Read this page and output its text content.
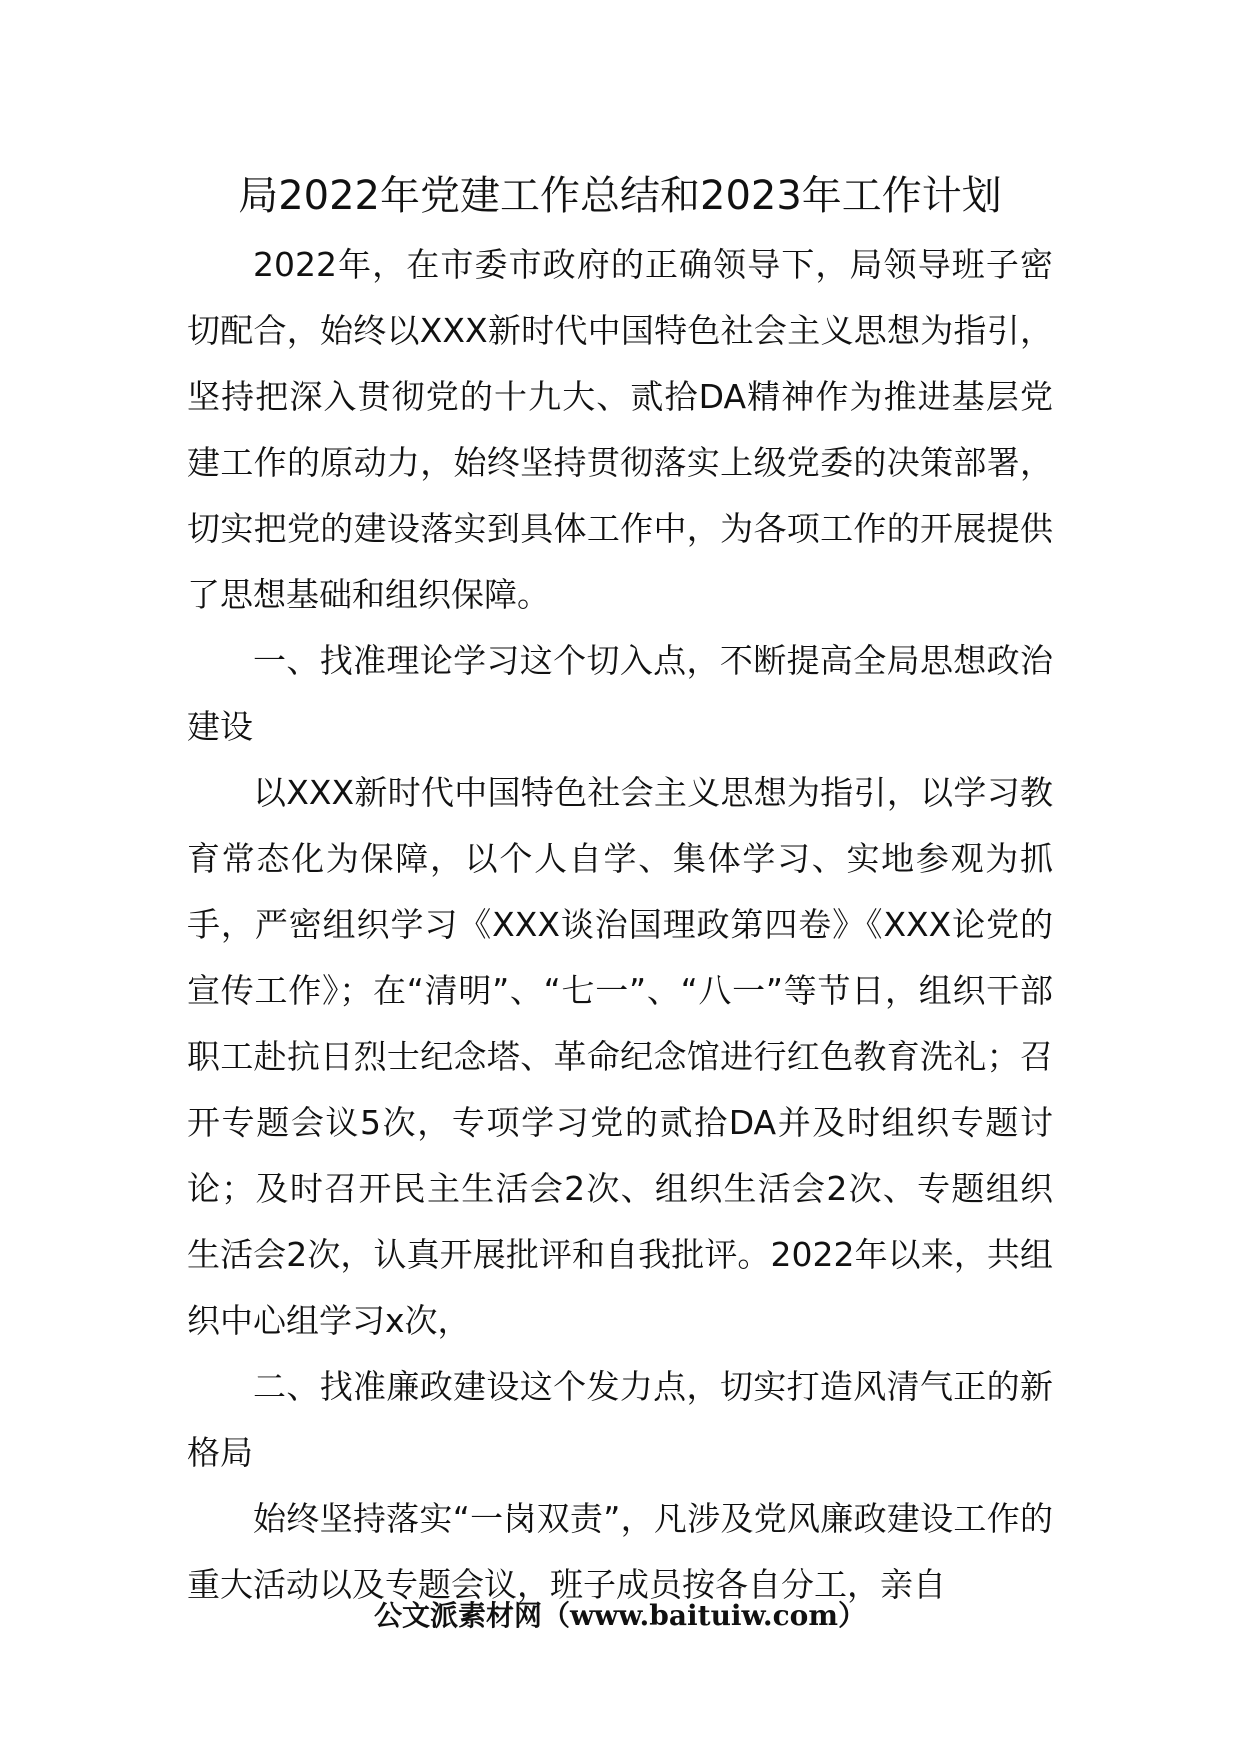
局2022年党建工作总结和2023年工作计划

2022年，在市委市政府的正确领导下，局领导班子密切配合，始终以XXX新时代中国特色社会主义思想为指引，坚持把深入贯彻党的十九大、贰拾DA精神作为推进基层党建工作的原动力，始终坚持贯彻落实上级党委的决策部署，切实把党的建设落实到具体工作中，为各项工作的开展提供了思想基础和组织保障。

一、找准理论学习这个切入点，不断提高全局思想政治建设

以XXX新时代中国特色社会主义思想为指引，以学习教育常态化为保障，以个人自学、集体学习、实地参观为抓手，严密组织学习《XXX谈治国理政第四卷》《XXX论党的宣传工作》；在“清明”、“七一”、“八一”等节日，组织干部职工赴抗日烈士纪念塔、革命纪念馆进行红色教育洗礼；召开专题会议5次，专项学习党的贰拾DA并及时组织专题讨论；及时召开民主生活会2次、组织生活会2次、专题组织生活会2次，认真开展批评和自我批评。2022年以来，共组织中心组学习x次，

二、找准廉政建设这个发力点，切实打造风清气正的新格局

始终坚持落实“一岗双责”，凡涉及党风廉政建设工作的重大活动以及专题会议，班子成员按各自分工，亲自

公文派素材网（www.baituiw.com）
